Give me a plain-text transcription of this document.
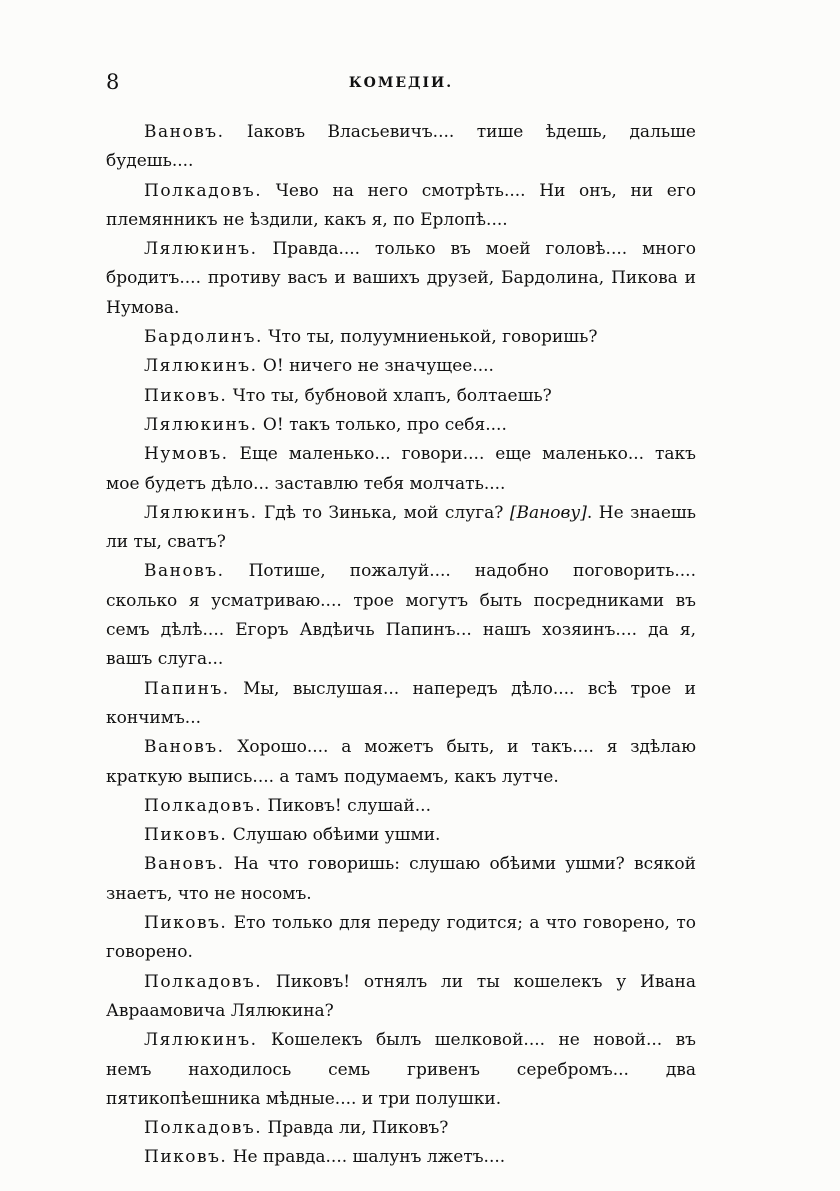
8	КОМЕДІИ.

Вановъ. Іаковъ Власьевичъ.... тише ѣдешь, дальше будешь....

Полкадовъ. Чево на него смотрѣть.... Ни онъ, ни его племянникъ не ѣздили, какъ я, по Ерлопѣ....

Лялюкинъ. Правда.... только въ моей головѣ.... много бродитъ.... противу васъ и вашихъ друзей, Бардолина, Пикова и Нумова.

Бардолинъ. Что ты, полуумниенькой, говоришь?

Лялюкинъ. О! ничего не значущее....

Пиковъ. Что ты, бубновой хлапъ, болтаешь?

Лялюкинъ. О! такъ только, про себя....

Нумовъ. Еще маленько... говори.... еще маленько... такъ мое будетъ дѣло... заставлю тебя молчать....

Лялюкинъ. Гдѣ то Зинька, мой слуга? [Ванову]. Не знаешь ли ты, сватъ?

Вановъ. Потише, пожалуй.... надобно поговорить.... сколько я усматриваю.... трое могутъ быть посредниками въ семъ дѣлѣ.... Егоръ Авдѣичь Папинъ... нашъ хозяинъ.... да я, вашъ слуга...

Папинъ. Мы, выслушая... напередъ дѣло.... всѣ трое и кончимъ...

Вановъ. Хорошо.... а можетъ быть, и такъ.... я здѣлаю краткую выпись.... а тамъ подумаемъ, какъ лутче.

Полкадовъ. Пиковъ! слушай...

Пиковъ. Слушаю обѣими ушми.

Вановъ. На что говоришь: слушаю обѣими ушми? всякой знаетъ, что не носомъ.

Пиковъ. Ето только для переду годится; а что говорено, то говорено.

Полкадовъ. Пиковъ! отнялъ ли ты кошелекъ у Ивана Авраамовича Лялюкина?

Лялюкинъ. Кошелекъ былъ шелковой.... не новой... въ немъ находилось семь гривенъ серебромъ... два пятикопѣешника мѣдные.... и три полушки.

Полкадовъ. Правда ли, Пиковъ?

Пиковъ. Не правда.... шалунъ лжетъ....
